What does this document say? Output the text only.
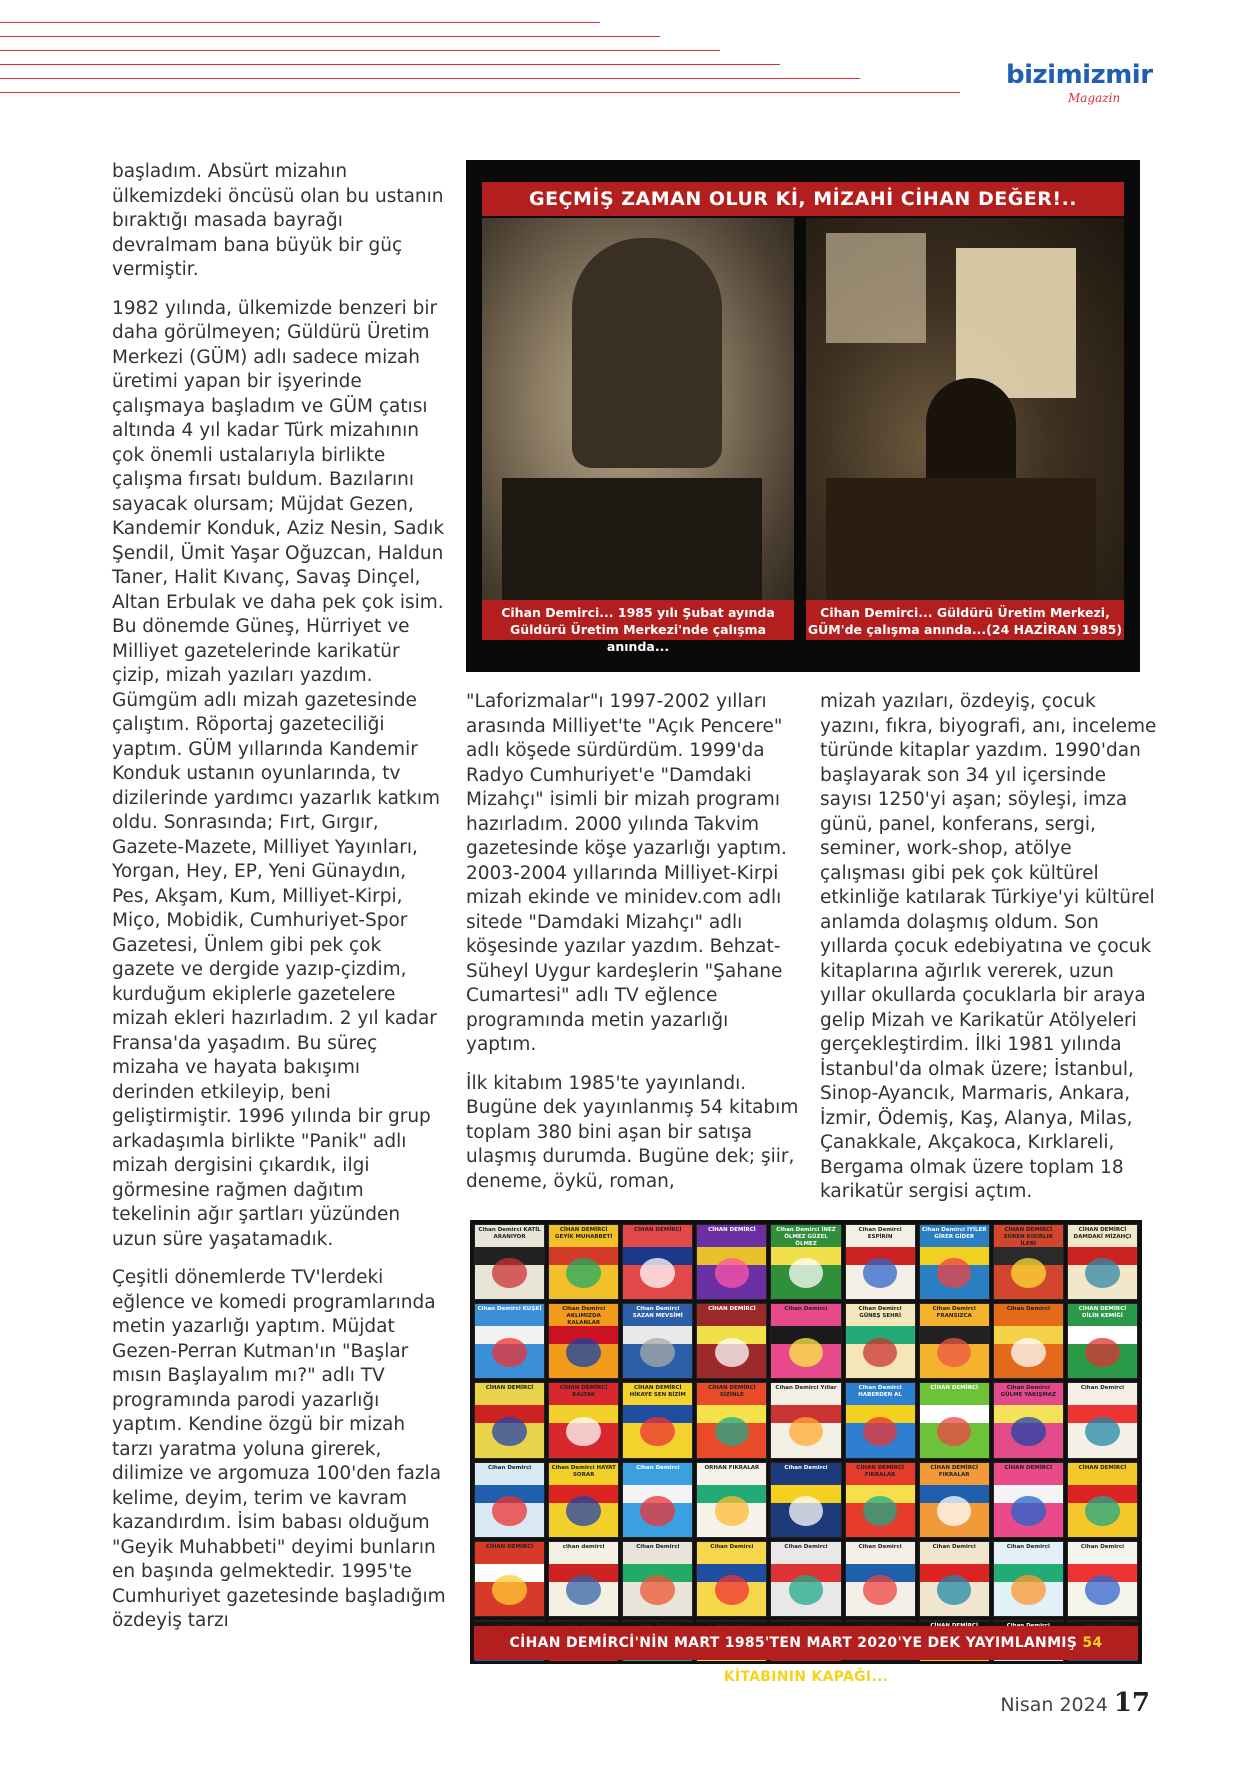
bizimizmir
Magazin

başladım. Absürt mizahın ülkemizdeki öncüsü olan bu ustanın bıraktığı masada bayrağı devralmam bana büyük bir güç vermiştir.

1982 yılında, ülkemizde benzeri bir daha görülmeyen; Güldürü Üretim Merkezi (GÜM) adlı sadece mizah üretimi yapan bir işyerinde çalışmaya başladım ve GÜM çatısı altında 4 yıl kadar Türk mizahının çok önemli ustalarıyla birlikte çalışma fırsatı buldum. Bazılarını sayacak olursam; Müjdat Gezen, Kandemir Konduk, Aziz Nesin, Sadık Şendil, Ümit Yaşar Oğuzcan, Haldun Taner, Halit Kıvanç, Savaş Dinçel, Altan Erbulak ve daha pek çok isim. Bu dönemde Güneş, Hürriyet ve Milliyet gazetelerinde karikatür çizip, mizah yazıları yazdım. Gümgüm adlı mizah gazetesinde çalıştım. Röportaj gazeteciliği yaptım. GÜM yıllarında Kandemir Konduk ustanın oyunlarında, tv dizilerinde yardımcı yazarlık katkım oldu. Sonrasında; Fırt, Gırgır, Gazete-Mazete, Milliyet Yayınları, Yorgan, Hey, EP, Yeni Günaydın, Pes, Akşam, Kum, Milliyet-Kirpi, Miço, Mobidik, Cumhuriyet-Spor Gazetesi, Ünlem gibi pek çok gazete ve dergide yazıp-çizdim, kurduğum ekiplerle gazetelere mizah ekleri hazırladım. 2 yıl kadar Fransa'da yaşadım. Bu süreç mizaha ve hayata bakışımı derinden etkileyip, beni geliştirmiştir. 1996 yılında bir grup arkadaşımla birlikte "Panik" adlı mizah dergisini çıkardık, ilgi görmesine rağmen dağıtım tekelinin ağır şartları yüzünden uzun süre yaşatamadık.

Çeşitli dönemlerde TV'lerdeki eğlence ve komedi programlarında metin yazarlığı yaptım. Müjdat Gezen-Perran Kutman'ın "Başlar mısın Başlayalım mı?" adlı TV programında parodi yazarlığı yaptım. Kendine özgü bir mizah tarzı yaratma yoluna girerek, dilimize ve argomuza 100'den fazla kelime, deyim, terim ve kavram kazandırdım. İsim babası olduğum "Geyik Muhabbeti" deyimi bunların en başında gelmektedir. 1995'te Cumhuriyet gazetesinde başladığım özdeyiş tarzı

GEÇMİŞ ZAMAN OLUR Kİ, MİZAHİ CİHAN DEĞER!..
Cihan Demirci... 1985 yılı Şubat ayında
Güldürü Üretim Merkezi'nde çalışma anında...
Cihan Demirci... Güldürü Üretim Merkezi,
GÜM'de çalışma anında...(24 HAZİRAN 1985)

"Laforizmalar"ı 1997-2002 yılları arasında Milliyet'te "Açık Pencere" adlı köşede sürdürdüm. 1999'da Radyo Cumhuriyet'e "Damdaki Mizahçı" isimli bir mizah programı hazırladım. 2000 yılında Takvim gazetesinde köşe yazarlığı yaptım. 2003-2004 yıllarında Milliyet-Kirpi mizah ekinde ve minidev.com adlı sitede "Damdaki Mizahçı" adlı köşesinde yazılar yazdım. Behzat-Süheyl Uygur kardeşlerin "Şahane Cumartesi" adlı TV eğlence programında metin yazarlığı yaptım.

İlk kitabım 1985'te yayınlandı. Bugüne dek yayınlanmış 54 kitabım toplam 380 bini aşan bir satışa ulaşmış durumda. Bugüne dek; şiir, deneme, öykü, roman,

mizah yazıları, özdeyiş, çocuk yazını, fıkra, biyografi, anı, inceleme türünde kitaplar yazdım. 1990'dan başlayarak son 34 yıl içersinde sayısı 1250'yi aşan; söyleşi, imza günü, panel, konferans, sergi, seminer, work-shop, atölye çalışması gibi pek çok kültürel etkinliğe katılarak Türkiye'yi kültürel anlamda dolaşmış oldum. Son yıllarda çocuk edebiyatına ve çocuk kitaplarına ağırlık vererek, uzun yıllar okullarda çocuklarla bir araya gelip Mizah ve Karikatür Atölyeleri gerçekleştirdim. İlki 1981 yılında İstanbul'da olmak üzere; İstanbul, Sinop-Ayancık, Marmaris, Ankara, İzmir, Ödemiş, Kaş, Alanya, Milas, Çanakkale, Akçakoca, Kırklareli, Bergama olmak üzere toplam 18 karikatür sergisi açtım.

Cihan Demirci KATİL ARANIYOR
CİHAN DEMİRCİ GEYİK MUHABBETİ
CİHAN DEMİRCİ	CİHAN DEMİRCİ	Cihan Demirci İNEZ ÖLMEZ GÜZEL ÖLMEZ
Cihan Demirci ESPİRİN
Cihan Demirci İYİLER GİRER GİDER
CİHAN DEMİRCİ SÜREN KISIRLIK İLERİ
CİHAN DEMİRCİ DAMDAKİ MİZAHÇI
Cihan Demirci KUŞKİ	Cihan Demirci AKLIMIZDA KALANLAR
Cihan Demirci SAZAN MEVSİMİ
CİHAN DEMİRCİ	Cihan Demirci	Cihan Demirci GÜNEŞ SEHRİ
Cihan Demirci FRANSIZCA
Cihan Demirci	CİHAN DEMİRCİ DİLİN KEMİĞİ
CİHAN DEMİRCİ	CİHAN DEMİRCİ KALTAK
CİHAN DEMİRCİ HİKAYE SEN BİZİM
CİHAN DEMİRCİ SİZİNLE
Cihan Demirci Yıllar	Cihan Demirci HABERDEN AL
CİHAN DEMİRCİ	Cihan Demirci GÜLME YAKIŞMAZ
Cihan Demirci
Cihan Demirci	Cihan Demirci HAYAT SORAR
Cihan Demirci	ORHAN FIKRALAR	Cihan Demirci	CİHAN DEMİRCİ FIKRALAR
CİHAN DEMİRCİ FIKRALAR
CİHAN DEMİRCİ	CİHAN DEMİRCİ
CİHAN DEMİRCİ	cihan demirci	Cihan Demirci	Cihan Demirci	Cihan Demirci	Cihan Demirci	Cihan Demirci	Cihan Demirci	Cihan Demirci
CİHAN DEMİRCİ'NİN MART 1985'TEN MART 2020'YE DEK YAYIMLANMIŞ 54 KİTABININ KAPAĞI...
Nisan 2024 17
